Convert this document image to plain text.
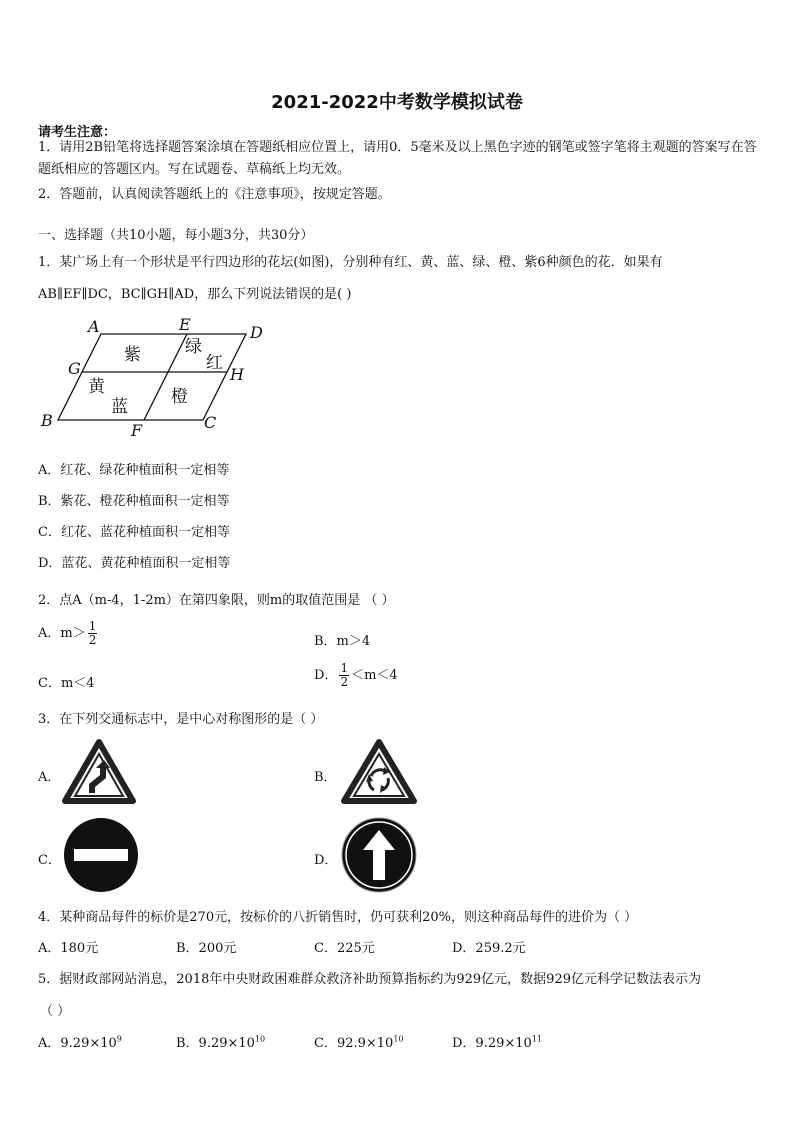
2021-2022中考数学模拟试卷
请考生注意：
1．请用2B铅笔将选择题答案涂填在答题纸相应位置上，请用0．5毫米及以上黑色字迹的钢笔或签字笔将主观题的答案写在答题纸相应的答题区内。写在试题卷、草稿纸上均无效。
2．答题前，认真阅读答题纸上的《注意事项》，按规定答题。
一、选择题（共10小题，每小题3分，共30分）
1．某广场上有一个形状是平行四边形的花坛(如图)，分别种有红、黄、蓝、绿、橙、紫6种颜色的花．如果有
AB∥EF∥DC，BC∥GH∥AD，那么下列说法错误的是( )
A	E	D
G	H
B
F	C
紫	绿
红
黄
蓝	橙
A．红花、绿花种植面积一定相等
B．紫花、橙花种植面积一定相等
C．红花、蓝花种植面积一定相等
D．蓝花、黄花种植面积一定相等
2．点A（m-4，1-2m）在第四象限，则m的取值范围是 （ ）
A．$m> \frac{1}{2}$	B．m＞4
C．m＜4
D． $\frac{1}{2} <m<4$
3．在下列交通标志中，是中心对称图形的是（ ）
A．	B．
C．	D．
4．某种商品每件的标价是270元，按标价的八折销售时，仍可获利20%，则这种商品每件的进价为（ ）
A．180元	B．200元	C．225元	D．259.2元
5．据财政部网站消息，2018年中央财政困难群众救济补助预算指标约为929亿元，数据929亿元科学记数法表示为
（ ）
A．$9.29\times 10^9$	B．$9.29\times 10^{10}$	C．$92.9\times 10^{10}$	D．$9.29\times 10^{11}$
